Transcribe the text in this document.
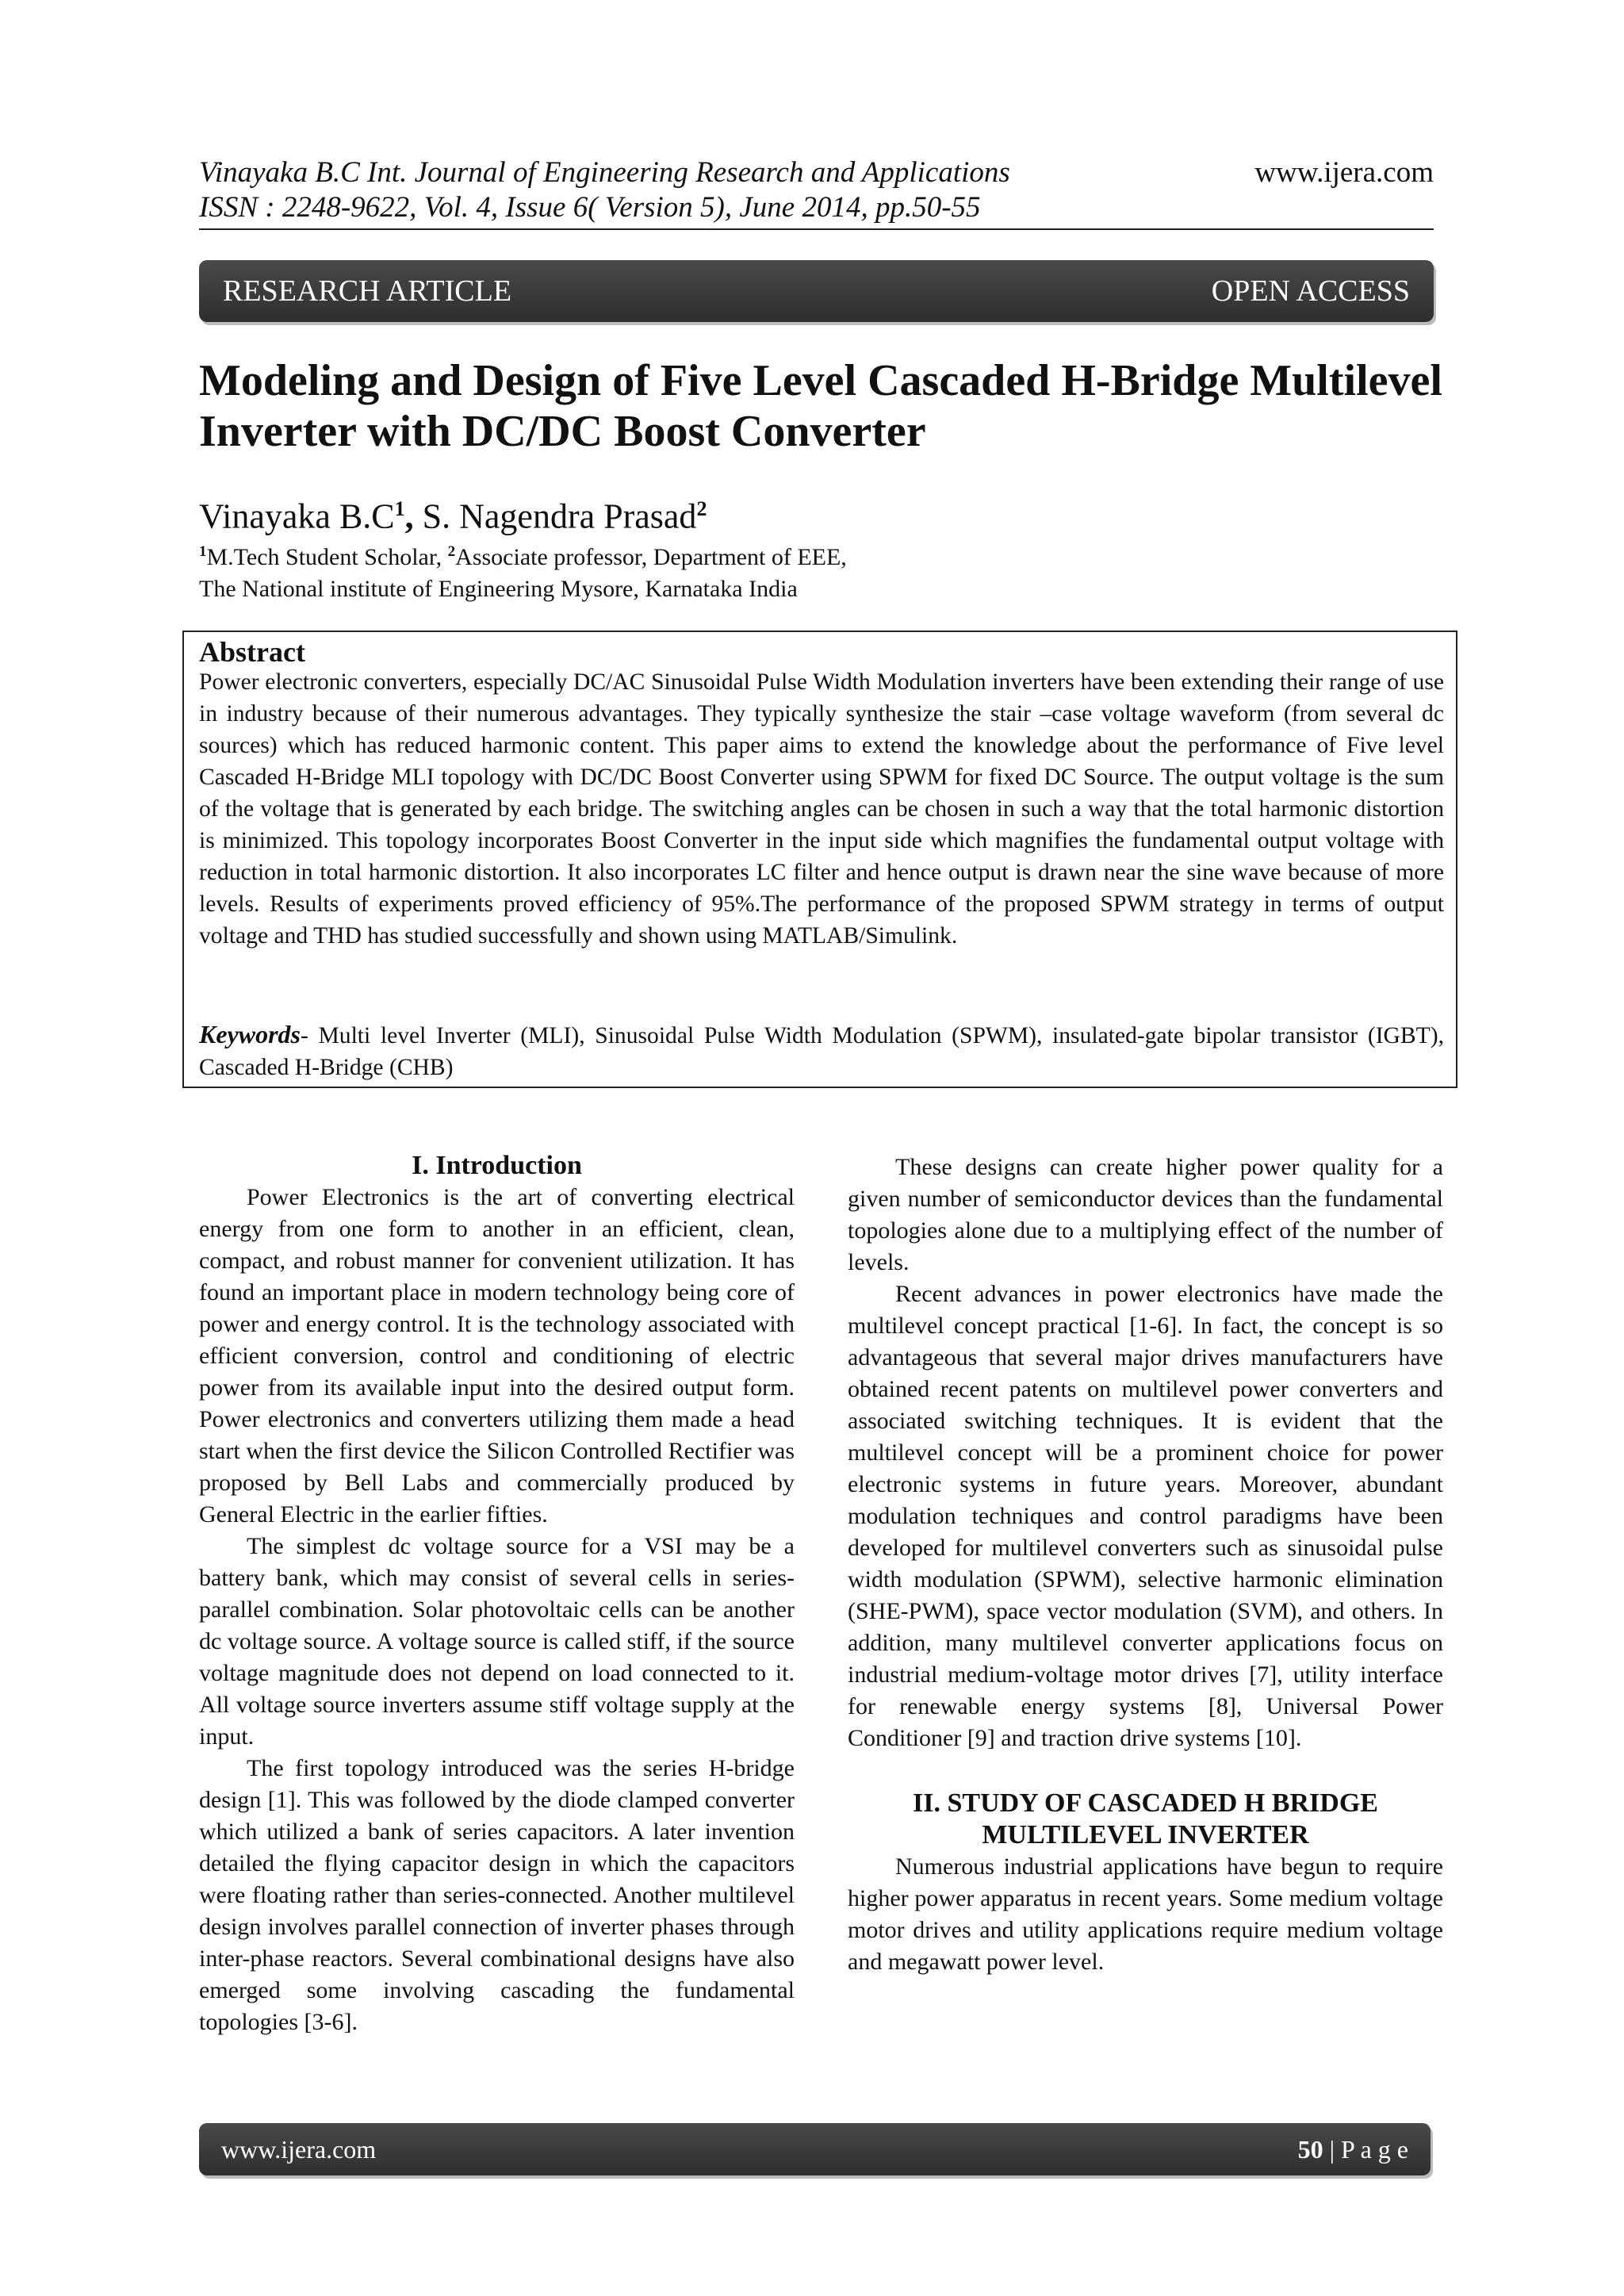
Vinayaka B.C Int. Journal of Engineering Research and Applications
ISSN : 2248-9622, Vol. 4, Issue 6( Version 5), June 2014, pp.50-55
www.ijera.com
RESEARCH ARTICLE	OPEN ACCESS
Modeling and Design of Five Level Cascaded H-Bridge Multilevel
Inverter with DC/DC Boost Converter
Vinayaka $B.C^1$, S. Nagendra Prasad$^2$
$^1$M.Tech Student Scholar, $^2$Associate professor, Department of EEE,
The National institute of Engineering Mysore, Karnataka India
Abstract
Power electronic converters, especially DC/AC Sinusoidal Pulse Width Modulation inverters have been extending their range of use in industry because of their numerous advantages. They typically synthesize the stair –case voltage waveform (from several dc sources) which has reduced harmonic content. This paper aims to extend the knowledge about the performance of Five level Cascaded H-Bridge MLI topology with DC/DC Boost Converter using SPWM for fixed DC Source. The output voltage is the sum of the voltage that is generated by each bridge. The switching angles can be chosen in such a way that the total harmonic distortion is minimized. This topology incorporates Boost Converter in the input side which magnifies the fundamental output voltage with reduction in total harmonic distortion. It also incorporates LC filter and hence output is drawn near the sine wave because of more levels. Results of experiments proved efficiency of 95%.The performance of the proposed SPWM strategy in terms of output voltage and THD has studied successfully and shown using MATLAB/Simulink.
Keywords- Multi level Inverter (MLI), Sinusoidal Pulse Width Modulation (SPWM), insulated-gate bipolar transistor (IGBT), Cascaded H-Bridge (CHB)
I. Introduction

Power Electronics is the art of converting electrical energy from one form to another in an efficient, clean, compact, and robust manner for convenient utilization. It has found an important place in modern technology being core of power and energy control. It is the technology associated with efficient conversion, control and conditioning of electric power from its available input into the desired output form. Power electronics and converters utilizing them made a head start when the first device the Silicon Controlled Rectifier was proposed by Bell Labs and commercially produced by General Electric in the earlier fifties.

The simplest dc voltage source for a VSI may be a battery bank, which may consist of several cells in series-parallel combination. Solar photovoltaic cells can be another dc voltage source. A voltage source is called stiff, if the source voltage magnitude does not depend on load connected to it. All voltage source inverters assume stiff voltage supply at the input.

The first topology introduced was the series H-bridge design [1]. This was followed by the diode clamped converter which utilized a bank of series capacitors. A later invention detailed the flying capacitor design in which the capacitors were floating rather than series-connected. Another multilevel design involves parallel connection of inverter phases through inter-phase reactors. Several combinational designs have also emerged some involving cascading the fundamental topologies [3-6].

These designs can create higher power quality for a given number of semiconductor devices than the fundamental topologies alone due to a multiplying effect of the number of levels.

Recent advances in power electronics have made the multilevel concept practical [1-6]. In fact, the concept is so advantageous that several major drives manufacturers have obtained recent patents on multilevel power converters and associated switching techniques. It is evident that the multilevel concept will be a prominent choice for power electronic systems in future years. Moreover, abundant modulation techniques and control paradigms have been developed for multilevel converters such as sinusoidal pulse width modulation (SPWM), selective harmonic elimination (SHE-PWM), space vector modulation (SVM), and others. In addition, many multilevel converter applications focus on industrial medium-voltage motor drives [7], utility interface for renewable energy systems [8], Universal Power Conditioner [9] and traction drive systems [10].

II. STUDY OF CASCADED H BRIDGE
MULTILEVEL INVERTER

Numerous industrial applications have begun to require higher power apparatus in recent years. Some medium voltage motor drives and utility applications require medium voltage and megawatt power level.

www.ijera.com	50 | P a g e
